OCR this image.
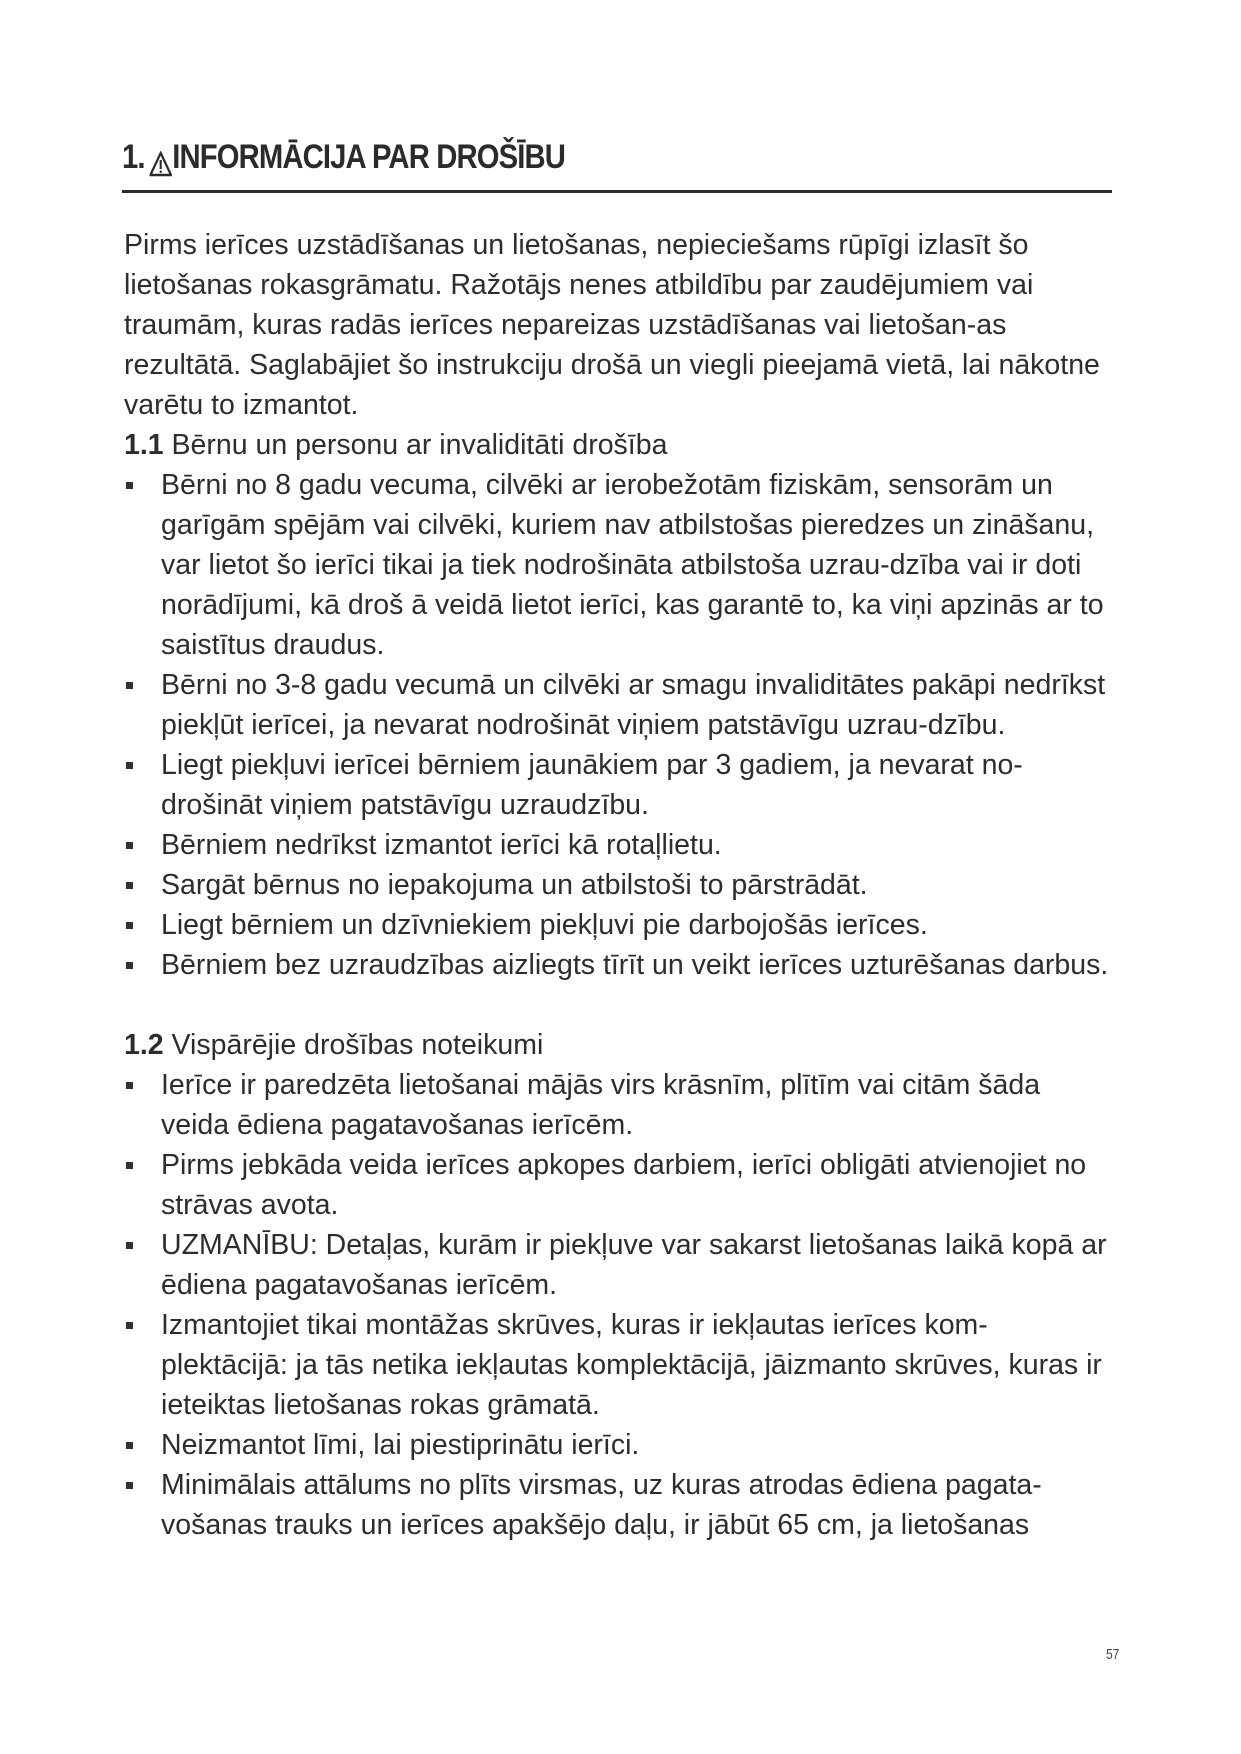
1. INFORMĀCIJA PAR DROŠĪBU

Pirms ierīces uzstādīšanas un lietošanas, nepieciešams rūpīgi izlasīt šo lietošanas rokasgrāmatu. Ražotājs nenes atbildību par zaudējumiem vai traumām, kuras radās ierīces nepareizas uzstādīšanas vai lietošan-as rezultātā. Saglabājiet šo instrukciju drošā un viegli pieejamā vietā, lai nākotne varētu to izmantot.

1.1 Bērnu un personu ar invaliditāti drošība

Bērni no 8 gadu vecuma, cilvēki ar ierobežotām fiziskām, sensorām un garīgām spējām vai cilvēki, kuriem nav atbilstošas pieredzes un zināšanu, var lietot šo ierīci tikai ja tiek nodrošināta atbilstoša uzrau-dzība vai ir doti norādījumi, kā droš ā veidā lietot ierīci, kas garantē to, ka viņi apzinās ar to saistītus draudus.
Bērni no 3-8 gadu vecumā un cilvēki ar smagu invaliditātes pakāpi nedrīkst piekļūt ierīcei, ja nevarat nodrošināt viņiem patstāvīgu uzrau-dzību.
Liegt piekļuvi ierīcei bērniem jaunākiem par 3 gadiem, ja nevarat no-drošināt viņiem patstāvīgu uzraudzību.
Bērniem nedrīkst izmantot ierīci kā rotaļlietu.
Sargāt bērnus no iepakojuma un atbilstoši to pārstrādāt.
Liegt bērniem un dzīvniekiem piekļuvi pie darbojošās ierīces.
Bērniem bez uzraudzības aizliegts tīrīt un veikt ierīces uzturēšanas darbus.

1.2 Vispārējie drošības noteikumi

Ierīce ir paredzēta lietošanai mājās virs krāsnīm, plītīm vai citām šāda veida ēdiena pagatavošanas ierīcēm.
Pirms jebkāda veida ierīces apkopes darbiem, ierīci obligāti atvienojiet no strāvas avota.
UZMANĪBU: Detaļas, kurām ir piekļuve var sakarst lietošanas laikā kopā ar ēdiena pagatavošanas ierīcēm.
Izmantojiet tikai montāžas skrūves, kuras ir iekļautas ierīces kom-plektācijā: ja tās netika iekļautas komplektācijā, jāizmanto skrūves, kuras ir ieteiktas lietošanas rokas grāmatā.
Neizmantot līmi, lai piestiprinātu ierīci.
Minimālais attālums no plīts virsmas, uz kuras atrodas ēdiena pagata-vošanas trauks un ierīces apakšējo daļu, ir jābūt 65 cm, ja lietošanas
57
